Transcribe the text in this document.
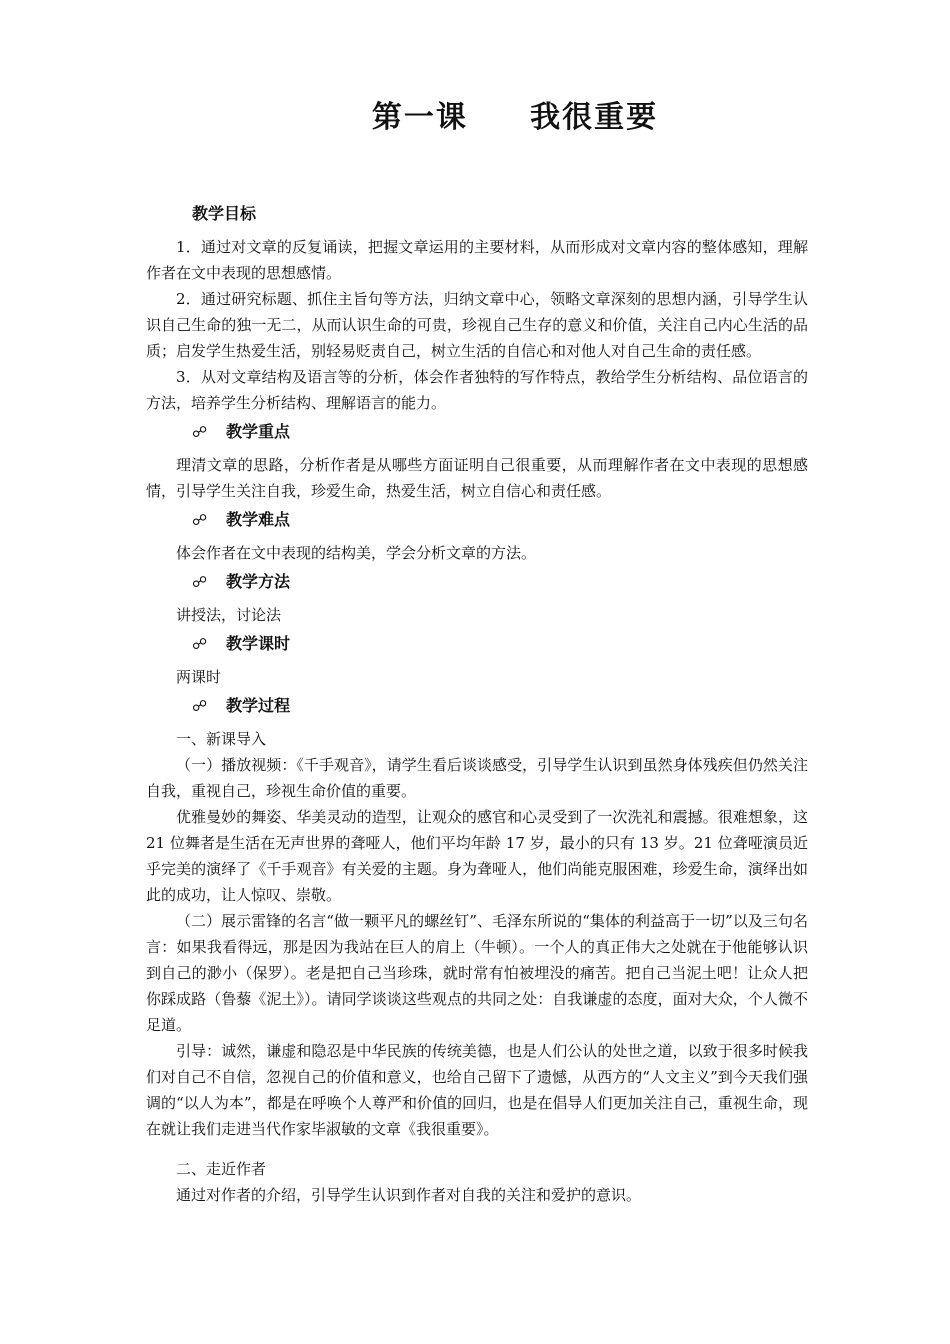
第一课     我很重要
教学目标

1．通过对文章的反复诵读，把握文章运用的主要材料，从而形成对文章内容的整体感知，理解作者在文中表现的思想感情。

2．通过研究标题、抓住主旨句等方法，归纳文章中心，领略文章深刻的思想内涵，引导学生认识自己生命的独一无二，从而认识生命的可贵，珍视自己生存的意义和价值，关注自己内心生活的品质；启发学生热爱生活，别轻易贬责自己，树立生活的自信心和对他人对自己生命的责任感。

3．从对文章结构及语言等的分析，体会作者独特的写作特点，教给学生分析结构、品位语言的方法，培养学生分析结构、理解语言的能力。

☍	教学重点

理清文章的思路，分析作者是从哪些方面证明自己很重要，从而理解作者在文中表现的思想感情，引导学生关注自我，珍爱生命，热爱生活，树立自信心和责任感。

☍	教学难点

体会作者在文中表现的结构美，学会分析文章的方法。

☍	教学方法

讲授法，讨论法

☍	教学课时

两课时

☍	教学过程

一、新课导入

（一）播放视频：《千手观音》，请学生看后谈谈感受，引导学生认识到虽然身体残疾但仍然关注自我，重视自己，珍视生命价值的重要。

优雅曼妙的舞姿、华美灵动的造型，让观众的感官和心灵受到了一次洗礼和震撼。很难想象，这 21 位舞者是生活在无声世界的聋哑人，他们平均年龄 17 岁，最小的只有 13 岁。21 位聋哑演员近乎完美的演绎了《千手观音》有关爱的主题。身为聋哑人，他们尚能克服困难，珍爱生命，演绎出如此的成功，让人惊叹、崇敬。

（二）展示雷锋的名言“做一颗平凡的螺丝钉”、毛泽东所说的“集体的利益高于一切”以及三句名言：如果我看得远，那是因为我站在巨人的肩上（牛顿）。一个人的真正伟大之处就在于他能够认识到自己的渺小（保罗）。老是把自己当珍珠，就时常有怕被埋没的痛苦。把自己当泥土吧！让众人把你踩成路（鲁藜《泥土》）。请同学谈谈这些观点的共同之处：自我谦虚的态度，面对大众，个人微不足道。

引导：诚然，谦虚和隐忍是中华民族的传统美德，也是人们公认的处世之道，以致于很多时候我们对自己不自信，忽视自己的价值和意义，也给自己留下了遗憾，从西方的“人文主义”到今天我们强调的“以人为本”，都是在呼唤个人尊严和价值的回归，也是在倡导人们更加关注自己，重视生命，现在就让我们走进当代作家毕淑敏的文章《我很重要》。

二、走近作者

通过对作者的介绍，引导学生认识到作者对自我的关注和爱护的意识。
